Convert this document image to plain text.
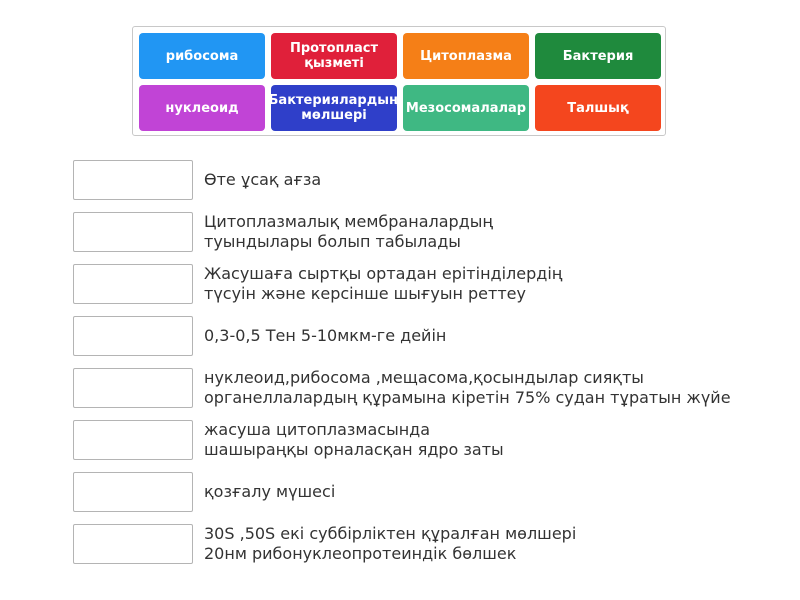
рибосома	Протопласт
қызметі	Цитоплазма	Бактерия
нуклеоид Бактериялардың
мөлшері	Мезосомалалар	Талшық
Өте ұсақ ағза
Цитоплазмалық мембраналардың
туындылары болып табылады
Жасушаға сыртқы ортадан ерітінділердің
түсуін және керсінше шығуын реттеу
0,3-0,5 Тен 5-10мкм-ге дейін
нуклеоид,рибосома ,мещасома,қосындылар сияқты
органеллалардың құрамына кіретін 75% судан тұратын жүйе
жасуша цитоплазмасында
шашыраңқы орналасқан ядро заты
қозғалу мүшесі
30S ,50S екі суббірліктен құралған мөлшері
20нм рибонуклеопротеиндік бөлшек
